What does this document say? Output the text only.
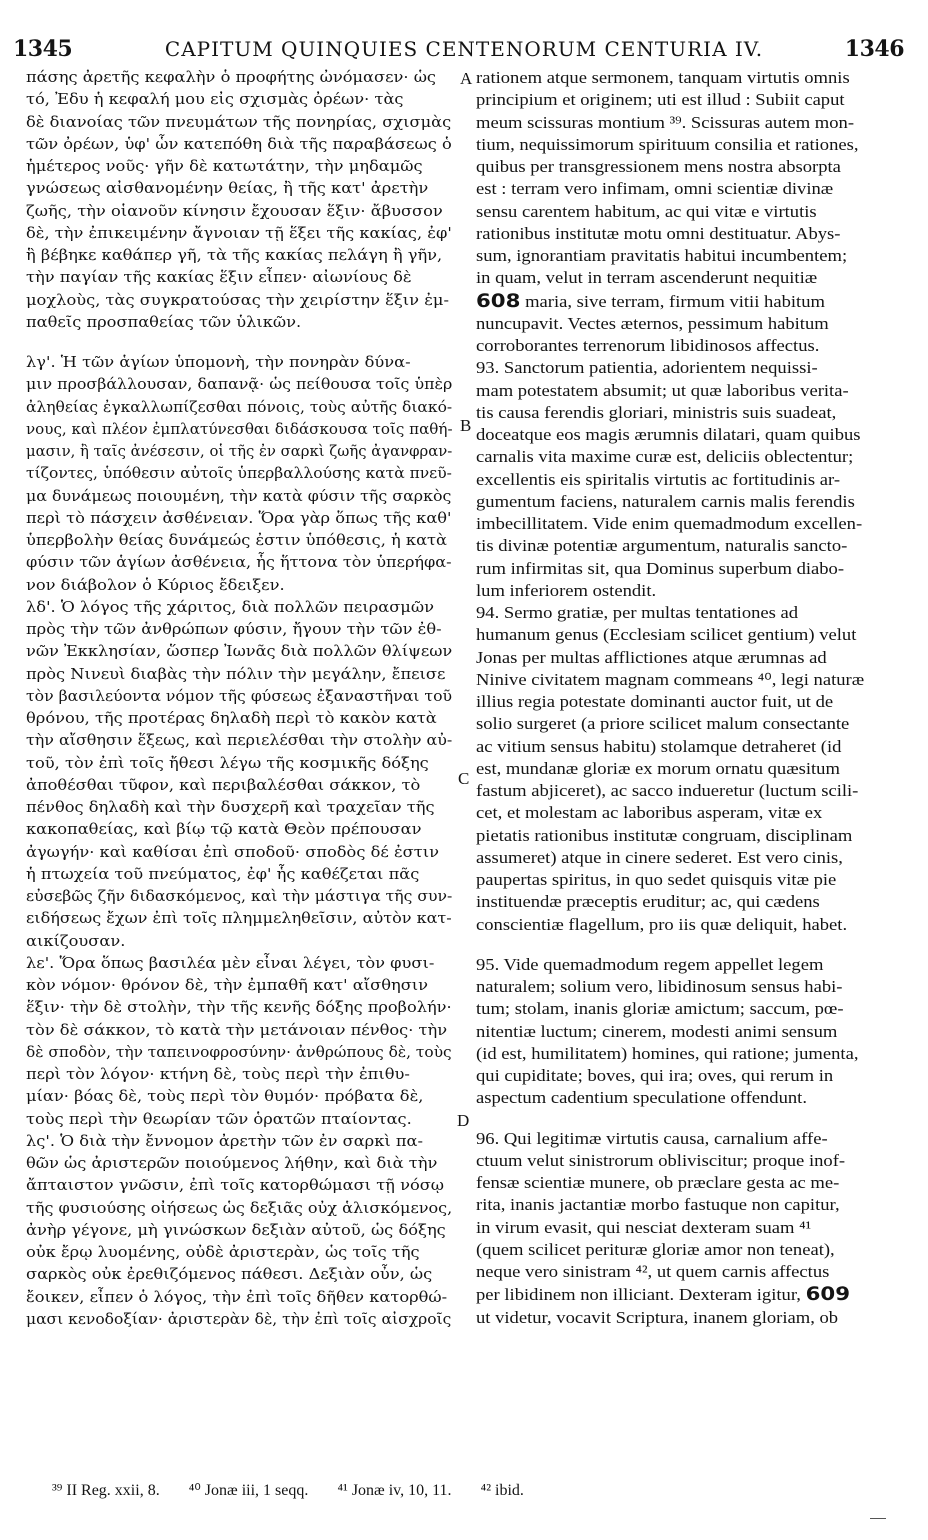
1345	CAPITUM QUINQUIES CENTENORUM CENTURIA IV.	1346

πάσης ἀρετῆς κεφαλὴν ὁ προφήτης ὠνόμασεν· ὡς

τό, Ἐδυ ἡ κεφαλή μου εἰς σχισμὰς ὀρέων· τὰς

δὲ διανοίας τῶν πνευμάτων τῆς πονηρίας, σχισμὰς

τῶν ὀρέων, ὑφ' ὧν κατεπόθη διὰ τῆς παραβάσεως ὁ

ἡμέτερος νοῦς· γῆν δὲ κατωτάτην, τὴν μηδαμῶς

γνώσεως αἰσθανομένην θείας, ἢ τῆς κατ' ἀρετὴν

ζωῆς, τὴν οἱανοῦν κίνησιν ἔχουσαν ἕξιν· ἄβυσσον

δὲ, τὴν ἐπικειμένην ἄγνοιαν τῇ ἕξει τῆς κακίας, ἐφ'

ἣ βέβηκε καθάπερ γῆ, τὰ τῆς κακίας πελάγη ἢ γῆν,

τὴν παγίαν τῆς κακίας ἕξιν εἶπεν· αἰωνίους δὲ

μοχλοὺς, τὰς συγκρατούσας τὴν χειρίστην ἕξιν ἐμ-

παθεῖς προσπαθείας τῶν ὑλικῶν.

λγ'. Ἡ τῶν ἁγίων ὑπομονὴ, τὴν πονηρὰν δύνα-

μιν προσβάλλουσαν, δαπανᾷ· ὡς πείθουσα τοῖς ὑπὲρ

ἀληθείας ἐγκαλλωπίζεσθαι πόνοις, τοὺς αὐτῆς διακό-

νους, καὶ πλέον ἐμπλατύνεσθαι διδάσκουσα τοῖς παθή-

μασιν, ἢ ταῖς ἀνέσεσιν, οἱ τῆς ἐν σαρκὶ ζωῆς ἀγανφραν-

τίζοντες, ὑπόθεσιν αὐτοῖς ὑπερβαλλούσης κατὰ πνεῦ-

μα δυνάμεως ποιουμένη, τὴν κατὰ φύσιν τῆς σαρκὸς

περὶ τὸ πάσχειν ἀσθένειαν. Ὅρα γὰρ ὅπως τῆς καθ'

ὑπερβολὴν θείας δυνάμεώς ἐστιν ὑπόθεσις, ἡ κατὰ

φύσιν τῶν ἁγίων ἀσθένεια, ἧς ἥττονα τὸν ὑπερήφα-

νον διάβολον ὁ Κύριος ἔδειξεν.

λδ'. Ὁ λόγος τῆς χάριτος, διὰ πολλῶν πειρασμῶν

πρὸς τὴν τῶν ἀνθρώπων φύσιν, ἤγουν τὴν τῶν ἐθ-

νῶν Ἐκκλησίαν, ὥσπερ Ἰωνᾶς διὰ πολλῶν θλίψεων

πρὸς Νινευὶ διαβὰς τὴν πόλιν τὴν μεγάλην, ἔπεισε

τὸν βασιλεύοντα νόμον τῆς φύσεως ἐξαναστῆναι τοῦ

θρόνου, τῆς προτέρας δηλαδὴ περὶ τὸ κακὸν κατὰ

τὴν αἴσθησιν ἕξεως, καὶ περιελέσθαι τὴν στολὴν αὐ-

τοῦ, τὸν ἐπὶ τοῖς ἤθεσι λέγω τῆς κοσμικῆς δόξης

ἀποθέσθαι τῦφον, καὶ περιβαλέσθαι σάκκον, τὸ

πένθος δηλαδὴ καὶ τὴν δυσχερῆ καὶ τραχεῖαν τῆς

κακοπαθείας, καὶ βίῳ τῷ κατὰ Θεὸν πρέπουσαν

ἀγωγήν· καὶ καθίσαι ἐπὶ σποδοῦ· σποδὸς δέ ἐστιν

ἡ πτωχεία τοῦ πνεύματος, ἐφ' ἧς καθέζεται πᾶς

εὐσεβῶς ζῆν διδασκόμενος, καὶ τὴν μάστιγα τῆς συν-

ειδήσεως ἔχων ἐπὶ τοῖς πλημμεληθεῖσιν, αὐτὸν κατ-

αικίζουσαν.

λε'. Ὅρα ὅπως βασιλέα μὲν εἶναι λέγει, τὸν φυσι-

κὸν νόμον· θρόνον δὲ, τὴν ἐμπαθῆ κατ' αἴσθησιν

ἕξιν· τὴν δὲ στολὴν, τὴν τῆς κενῆς δόξης προβολήν·

τὸν δὲ σάκκον, τὸ κατὰ τὴν μετάνοιαν πένθος· τὴν

δὲ σποδὸν, τὴν ταπεινοφροσύνην· ἀνθρώπους δὲ, τοὺς

περὶ τὸν λόγον· κτήνη δὲ, τοὺς περὶ τὴν ἐπιθυ-

μίαν· βόας δὲ, τοὺς περὶ τὸν θυμόν· πρόβατα δὲ,

τοὺς περὶ τὴν θεωρίαν τῶν ὁρατῶν πταίοντας.

λς'. Ὁ διὰ τὴν ἔννομον ἀρετὴν τῶν ἐν σαρκὶ πα-

θῶν ὡς ἀριστερῶν ποιούμενος λήθην, καὶ διὰ τὴν

ἄπταιστον γνῶσιν, ἐπὶ τοῖς κατορθώμασι τῇ νόσῳ

τῆς φυσιούσης οἰήσεως ὡς δεξιᾶς οὐχ ἁλισκόμενος,

ἀνὴρ γέγονε, μὴ γινώσκων δεξιὰν αὐτοῦ, ὡς δόξης

οὐκ ἔρῳ λυομένης, οὐδὲ ἀριστερὰν, ὡς τοῖς τῆς

σαρκὸς οὐκ ἐρεθιζόμενος πάθεσι. Δεξιὰν οὖν, ὡς

ἔοικεν, εἶπεν ὁ λόγος, τὴν ἐπὶ τοῖς δῆθεν κατορθώ-

μασι κενοδοξίαν· ἀριστερὰν δὲ, τὴν ἐπὶ τοῖς αἰσχροῖς

rationem atque sermonem, tanquam virtutis omnis

principium et originem; uti est illud : Subiit caput

meum scissuras montium ³⁹. Scissuras autem mon-

tium, nequissimorum spirituum consilia et rationes,

quibus per transgressionem mens nostra absorpta

est : terram vero infimam, omni scientiæ divinæ

sensu carentem habitum, ac qui vitæ e virtutis

rationibus institutæ motu omni destituatur. Abys-

sum, ignorantiam pravitatis habitui incumbentem;

in quam, velut in terram ascenderunt nequitiæ

608 maria, sive terram, firmum vitii habitum

nuncupavit. Vectes æternos, pessimum habitum

corroborantes terrenorum libidinosos affectus.

93. Sanctorum patientia, adorientem nequissi-

mam potestatem absumit; ut quæ laboribus verita-

tis causa ferendis gloriari, ministris suis suadeat,

doceatque eos magis ærumnis dilatari, quam quibus

carnalis vita maxime curæ est, deliciis oblectentur;

excellentis eis spiritalis virtutis ac fortitudinis ar-

gumentum faciens, naturalem carnis malis ferendis

imbecillitatem. Vide enim quemadmodum excellen-

tis divinæ potentiæ argumentum, naturalis sancto-

rum infirmitas sit, qua Dominus superbum diabo-

lum inferiorem ostendit.

94. Sermo gratiæ, per multas tentationes ad

humanum genus (Ecclesiam scilicet gentium) velut

Jonas per multas afflictiones atque ærumnas ad

Ninive civitatem magnam commeans ⁴⁰, legi naturæ

illius regia potestate dominanti auctor fuit, ut de

solio surgeret (a priore scilicet malum consectante

ac vitium sensus habitu) stolamque detraheret (id

est, mundanæ gloriæ ex morum ornatu quæsitum

fastum abjiceret), ac sacco indueretur (luctum scili-

cet, et molestam ac laboribus asperam, vitæ ex

pietatis rationibus institutæ congruam, disciplinam

assumeret) atque in cinere sederet. Est vero cinis,

paupertas spiritus, in quo sedet quisquis vitæ pie

instituendæ præceptis eruditur; ac, qui cædens

conscientiæ flagellum, pro iis quæ deliquit, habet.

95. Vide quemadmodum regem appellet legem

naturalem; solium vero, libidinosum sensus habi-

tum; stolam, inanis gloriæ amictum; saccum, pœ-

nitentiæ luctum; cinerem, modesti animi sensum

(id est, humilitatem) homines, qui ratione; jumenta,

qui cupiditate; boves, qui ira; oves, qui rerum in

aspectum cadentium speculatione offendunt.

96. Qui legitimæ virtutis causa, carnalium affe-

ctuum velut sinistrorum obliviscitur; proque inof-

fensæ scientiæ munere, ob præclare gesta ac me-

rita, inanis jactantiæ morbo fastuque non capitur,

in virum evasit, qui nesciat dexteram suam ⁴¹

(quem scilicet perituræ gloriæ amor non teneat),

neque vero sinistram ⁴², ut quem carnis affectus

per libidinem non illiciant. Dexteram igitur, 609

ut videtur, vocavit Scriptura, inanem gloriam, ob

A
B
C
D
³⁹ II Reg. xxii, 8. ⁴⁰ Jonæ iii, 1 seqq. ⁴¹ Jonæ iv, 10, 11. ⁴² ibid.
